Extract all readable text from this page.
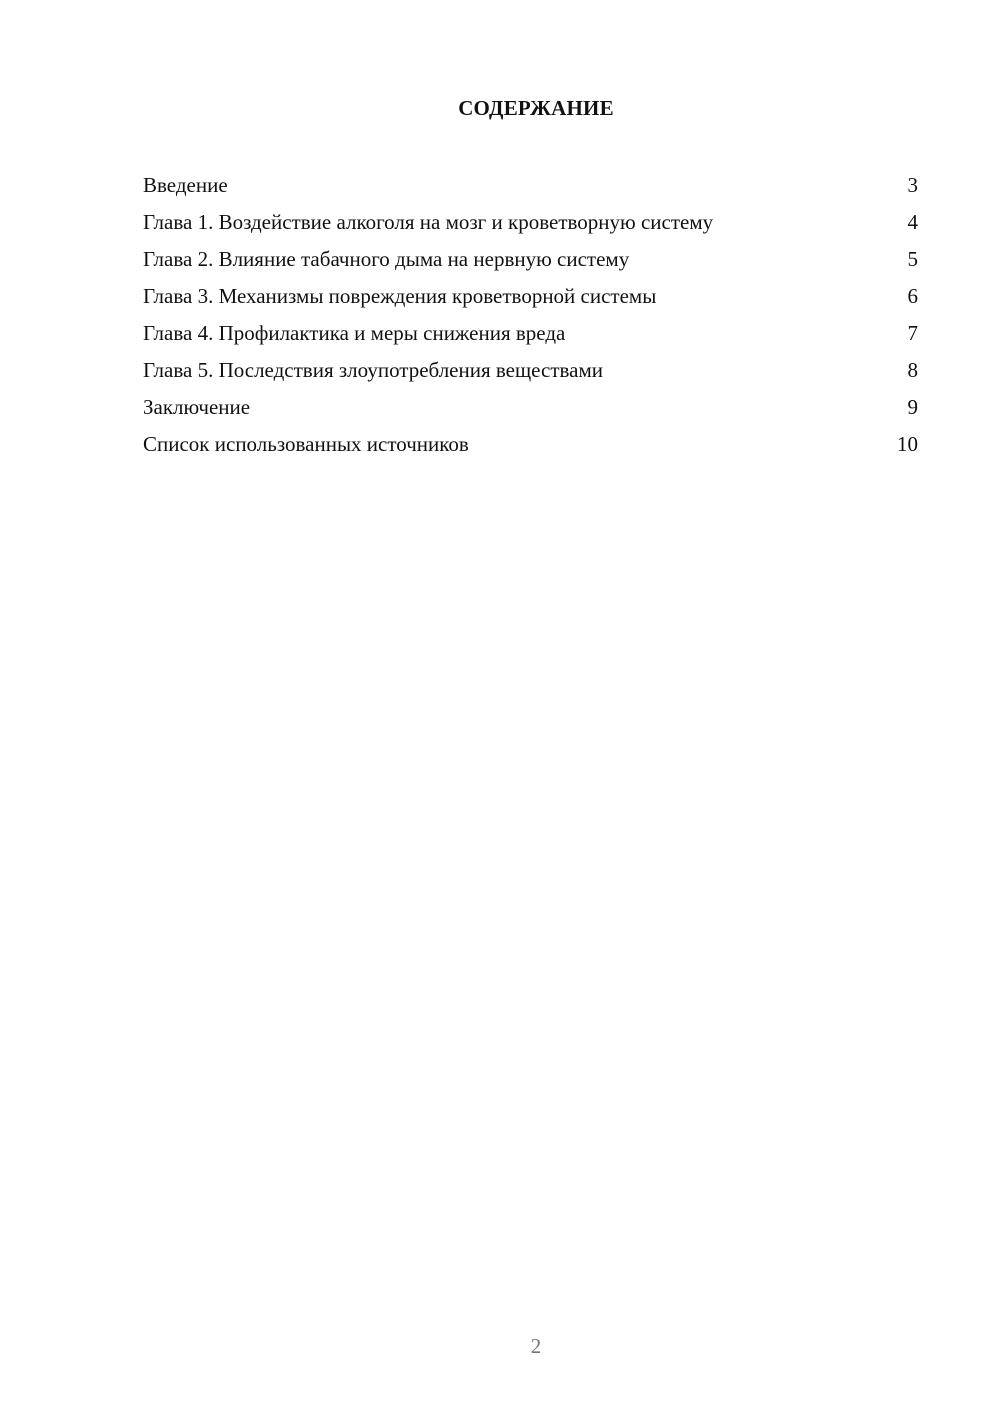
СОДЕРЖАНИЕ
Введение	3
Глава 1. Воздействие алкоголя на мозг и кроветворную систему	4
Глава 2. Влияние табачного дыма на нервную систему	5
Глава 3. Механизмы повреждения кроветворной системы	6
Глава 4. Профилактика и меры снижения вреда	7
Глава 5. Последствия злоупотребления веществами	8
Заключение	9
Список использованных источников	10
2
